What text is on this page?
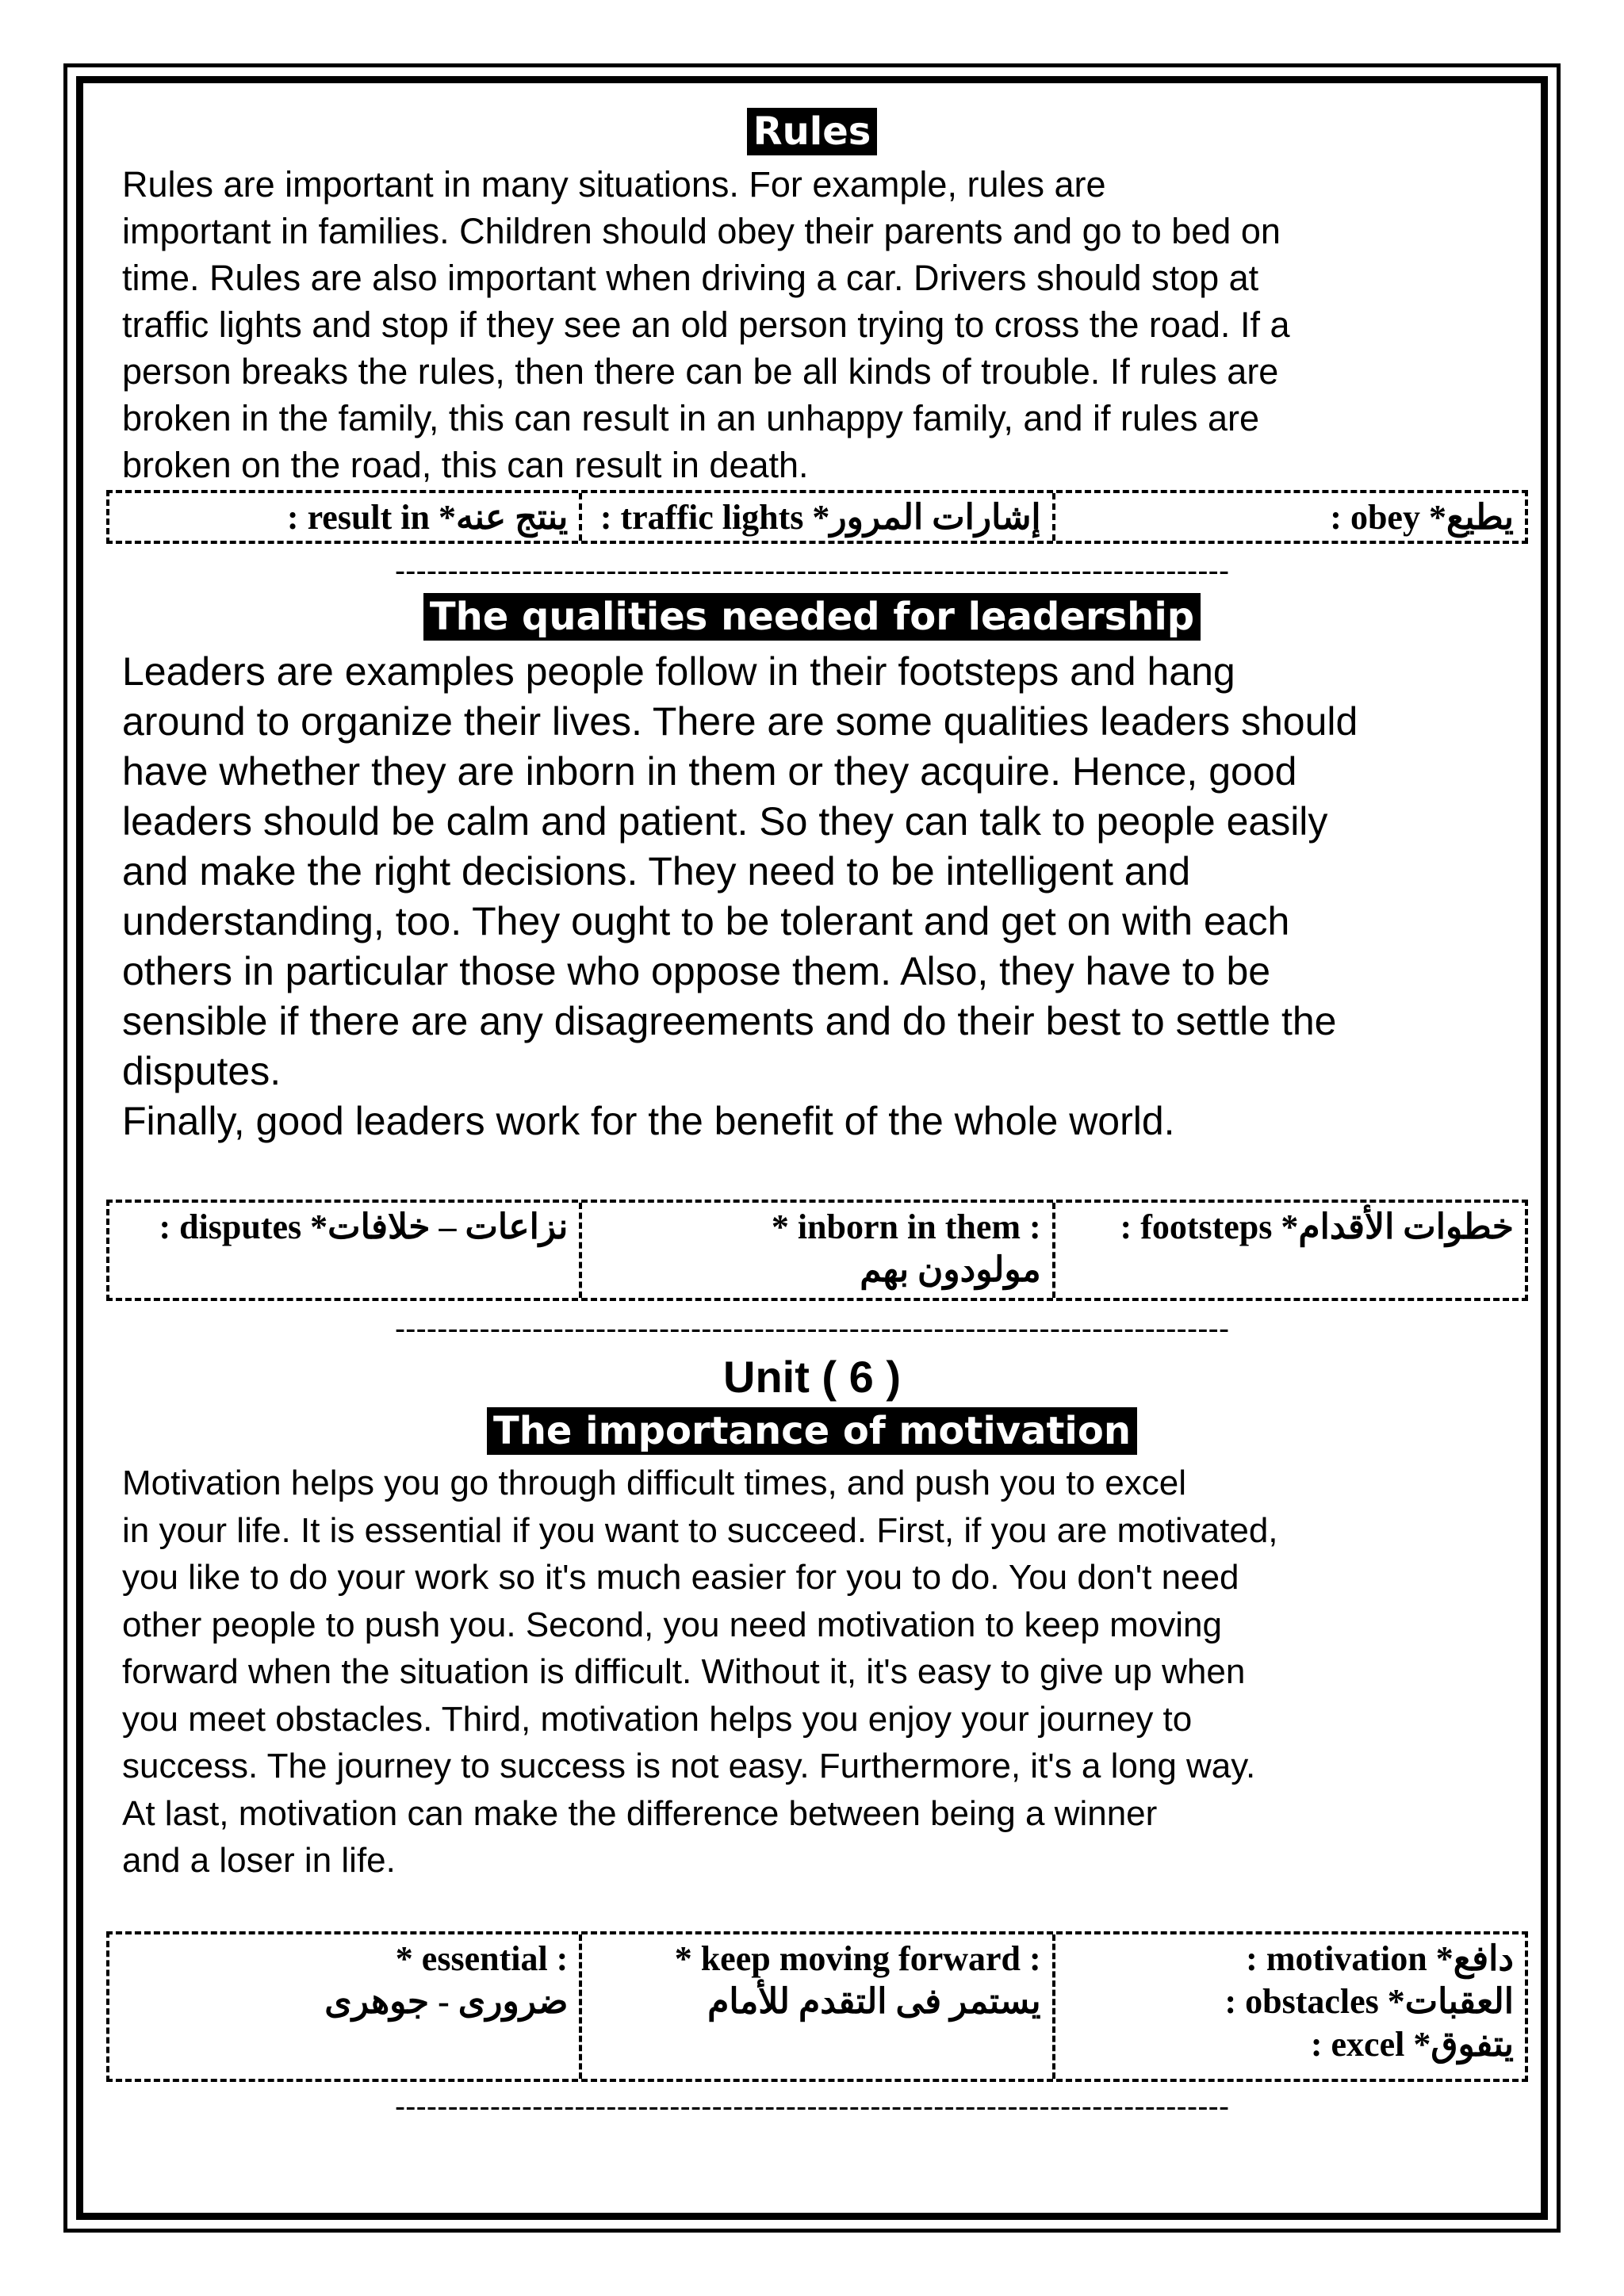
Rules
Rules are important in many situations. For example, rules are
important in families. Children should obey their parents and go to bed on
time. Rules are also important when driving a car. Drivers should stop at
traffic lights and stop if they see an old person trying to cross the road. If a
person breaks the rules, then there can be all kinds of trouble. If rules are
broken in the family, this can result in an unhappy family, and if rules are
broken on the road, this can result in death.
ينتج عنه* result in : إشارات المرور* traffic lights :	يطيع* obey :
-------------------------------------------------------------------------------
The qualities needed for leadership
Leaders are examples people follow in their footsteps and hang
around to organize their lives. There are some qualities leaders should
have whether they are inborn in them or they acquire. Hence, good
leaders should be calm and patient. So they can talk to people easily
and make the right decisions. They need to be intelligent and
understanding, too. They ought to be tolerant and get on with each
others in particular those who oppose them. Also, they have to be
sensible if there are any disagreements and do their best to settle the
disputes.
Finally, good leaders work for the benefit of the whole world.
نزاعات – خلافات* disputes :	* inborn in them :
مولودون بهم
خطوات الأقدام* footsteps :
-------------------------------------------------------------------------------
Unit ( 6 )
The importance of motivation
Motivation helps you go through difficult times, and push you to excel
in your life. It is essential if you want to succeed. First, if you are motivated,
you like to do your work so it's much easier for you to do. You don't need
other people to push you. Second, you need motivation to keep moving
forward when the situation is difficult. Without it, it's easy to give up when
you meet obstacles. Third, motivation helps you enjoy your journey to
success. The journey to success is not easy. Furthermore, it's a long way.
At last, motivation can make the difference between being a winner
and a loser in life.
* essential :
ضرورى - جوهرى
* keep moving forward :
يستمر فى التقدم للأمام
دافع* motivation :
العقبات* obstacles :
يتفوق* excel :
-------------------------------------------------------------------------------
